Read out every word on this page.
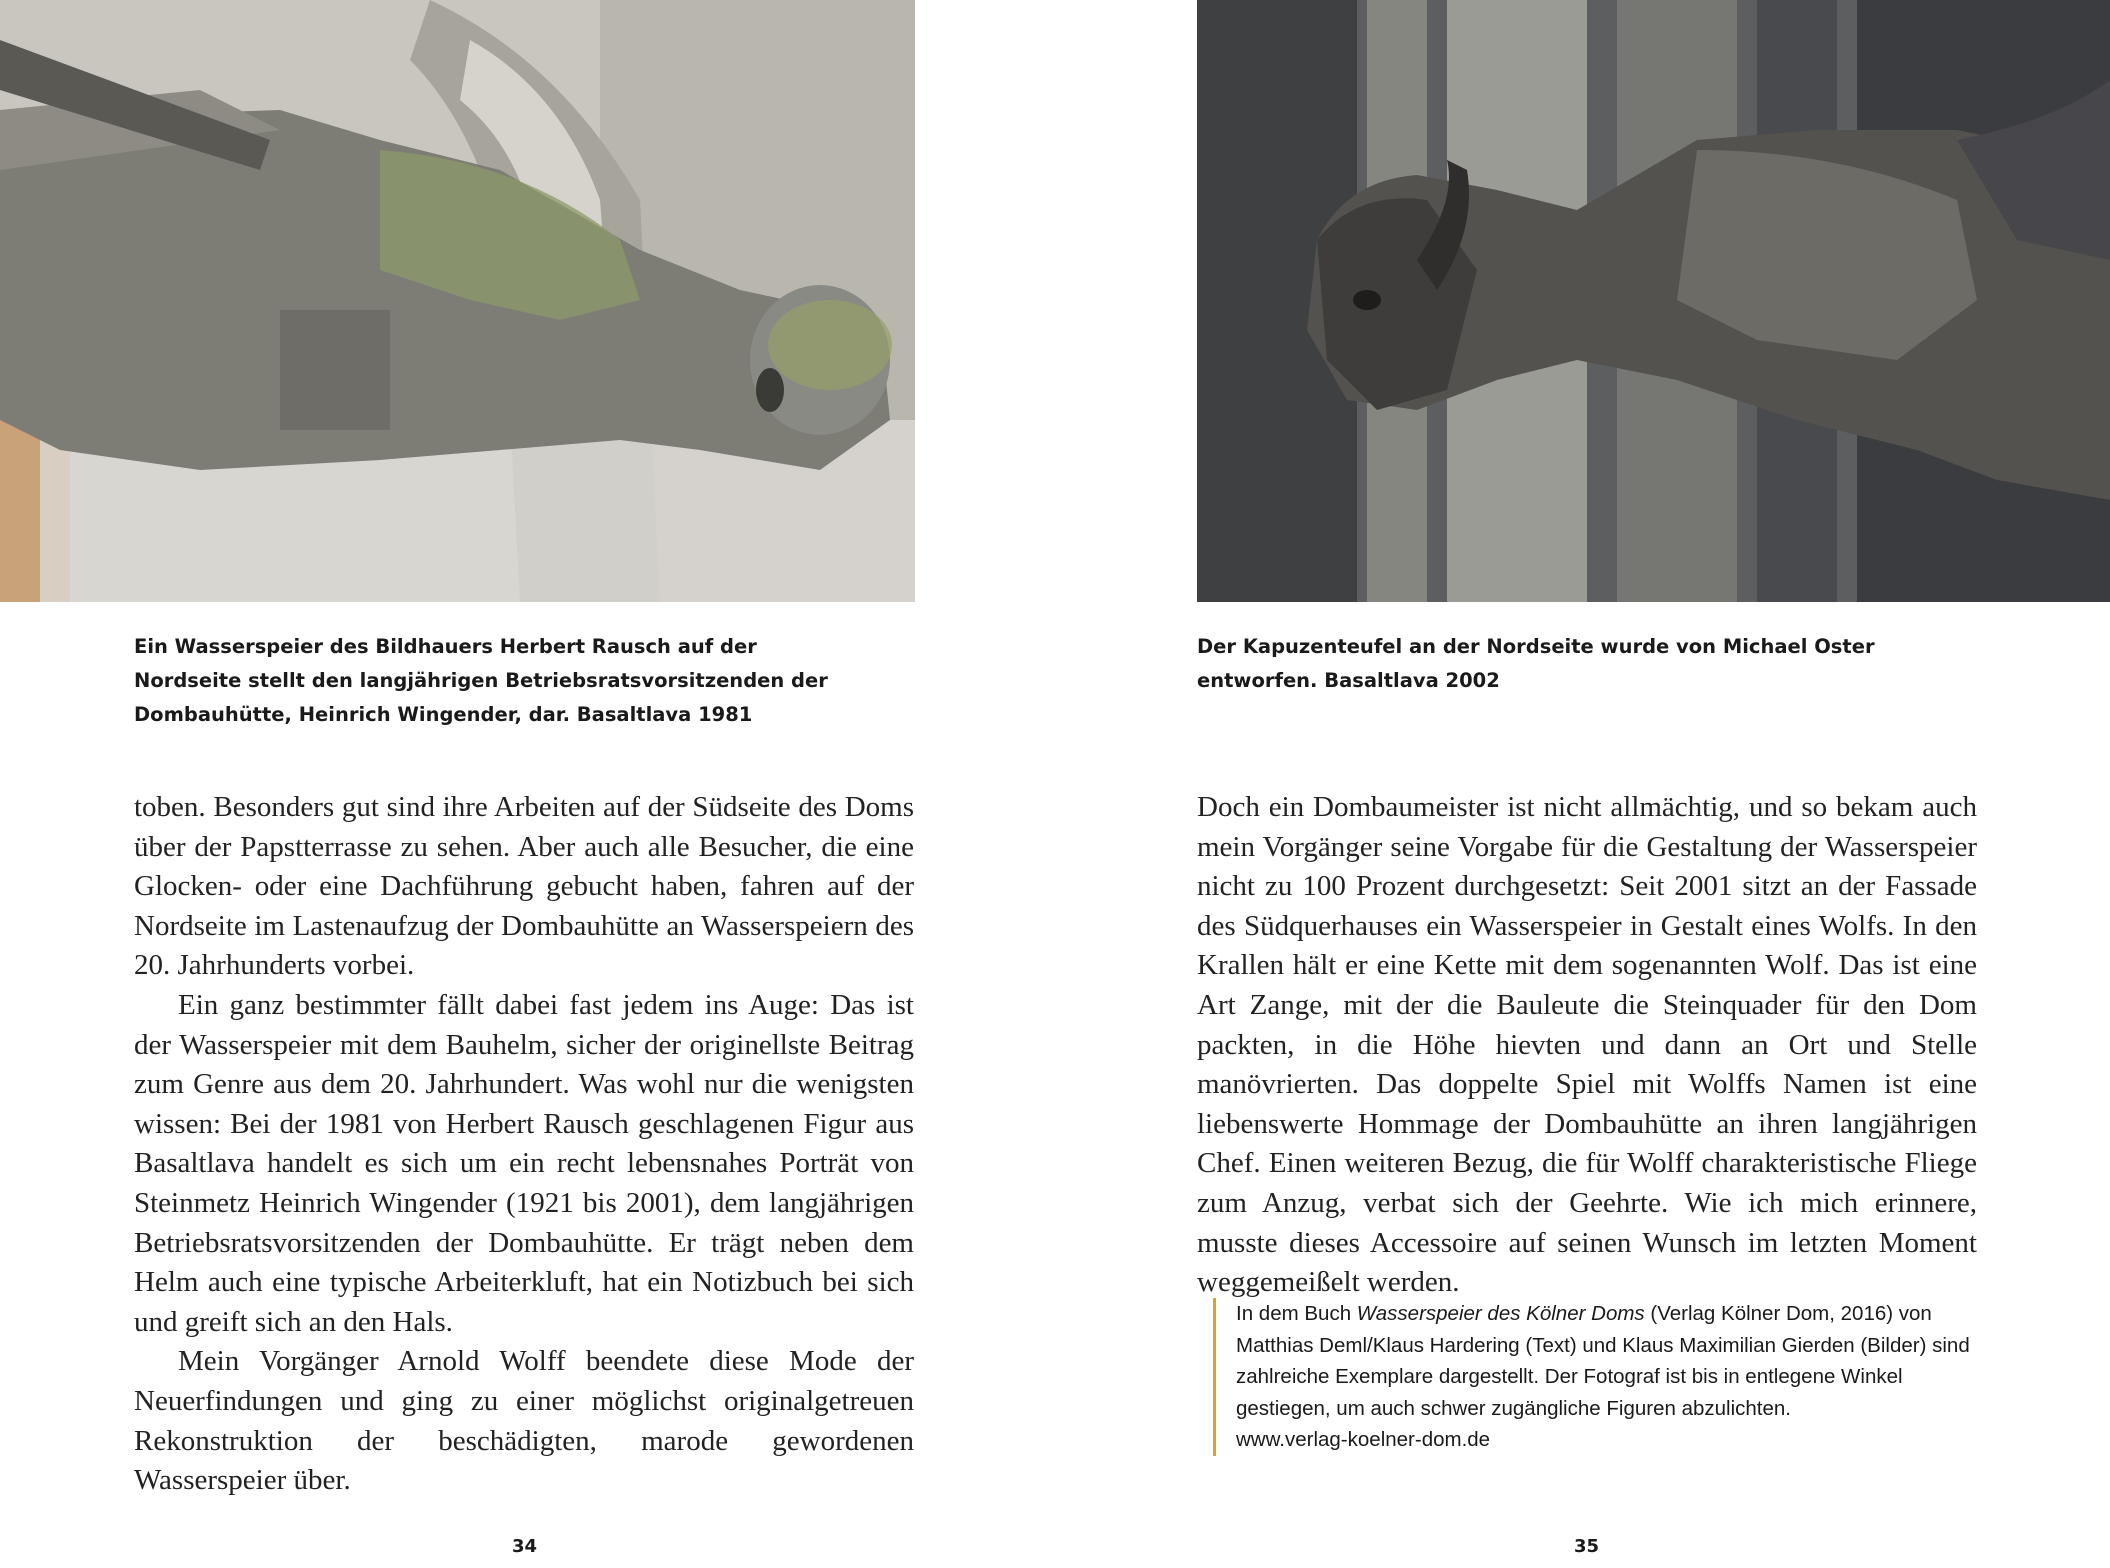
Ein Wasserspeier des Bildhauers Herbert Rausch auf der Nordseite stellt den langjährigen Betriebsratsvorsitzenden der Dombauhütte, Heinrich Wingender, dar. Basaltlava 1981

toben. Besonders gut sind ihre Arbeiten auf der Südseite des Doms über der Papstterrasse zu sehen. Aber auch alle Besucher, die eine Glocken- oder eine Dachführung gebucht haben, fahren auf der Nordseite im Lastenaufzug der Dombauhütte an Wasserspeiern des 20. Jahrhunderts vorbei.

Ein ganz bestimmter fällt dabei fast jedem ins Auge: Das ist der Wasserspeier mit dem Bauhelm, sicher der originellste Beitrag zum Genre aus dem 20. Jahrhundert. Was wohl nur die wenigsten wissen: Bei der 1981 von Herbert Rausch geschlagenen Figur aus Basaltlava handelt es sich um ein recht lebensnahes Porträt von Steinmetz Heinrich Wingender (1921 bis 2001), dem langjährigen Betriebsratsvorsitzenden der Dombauhütte. Er trägt neben dem Helm auch eine typische Arbeiterkluft, hat ein Notizbuch bei sich und greift sich an den Hals.

Mein Vorgänger Arnold Wolff beendete diese Mode der Neuerfindungen und ging zu einer möglichst originalgetreuen Rekonstruktion der beschädigten, marode gewordenen Wasserspeier über.

34
Der Kapuzenteufel an der Nordseite wurde von Michael Oster entworfen. Basaltlava 2002

Doch ein Dombaumeister ist nicht allmächtig, und so bekam auch mein Vorgänger seine Vorgabe für die Gestaltung der Wasserspeier nicht zu 100 Prozent durchgesetzt: Seit 2001 sitzt an der Fassade des Südquerhauses ein Wasserspeier in Gestalt eines Wolfs. In den Krallen hält er eine Kette mit dem sogenannten Wolf. Das ist eine Art Zange, mit der die Bauleute die Steinquader für den Dom packten, in die Höhe hievten und dann an Ort und Stelle manövrierten. Das doppelte Spiel mit Wolffs Namen ist eine liebenswerte Hommage der Dombauhütte an ihren langjährigen Chef. Einen weiteren Bezug, die für Wolff charakteristische Fliege zum Anzug, verbat sich der Geehrte. Wie ich mich erinnere, musste dieses Accessoire auf seinen Wunsch im letzten Moment weggemeißelt werden.

In dem Buch Wasserspeier des Kölner Doms (Verlag Kölner Dom, 2016) von Matthias Deml/Klaus Hardering (Text) und Klaus Maximilian Gierden (Bilder) sind zahlreiche Exemplare dargestellt. Der Fotograf ist bis in entlegene Winkel gestiegen, um auch schwer zugängliche Figuren abzulichten.
www.verlag-koelner-dom.de
35
